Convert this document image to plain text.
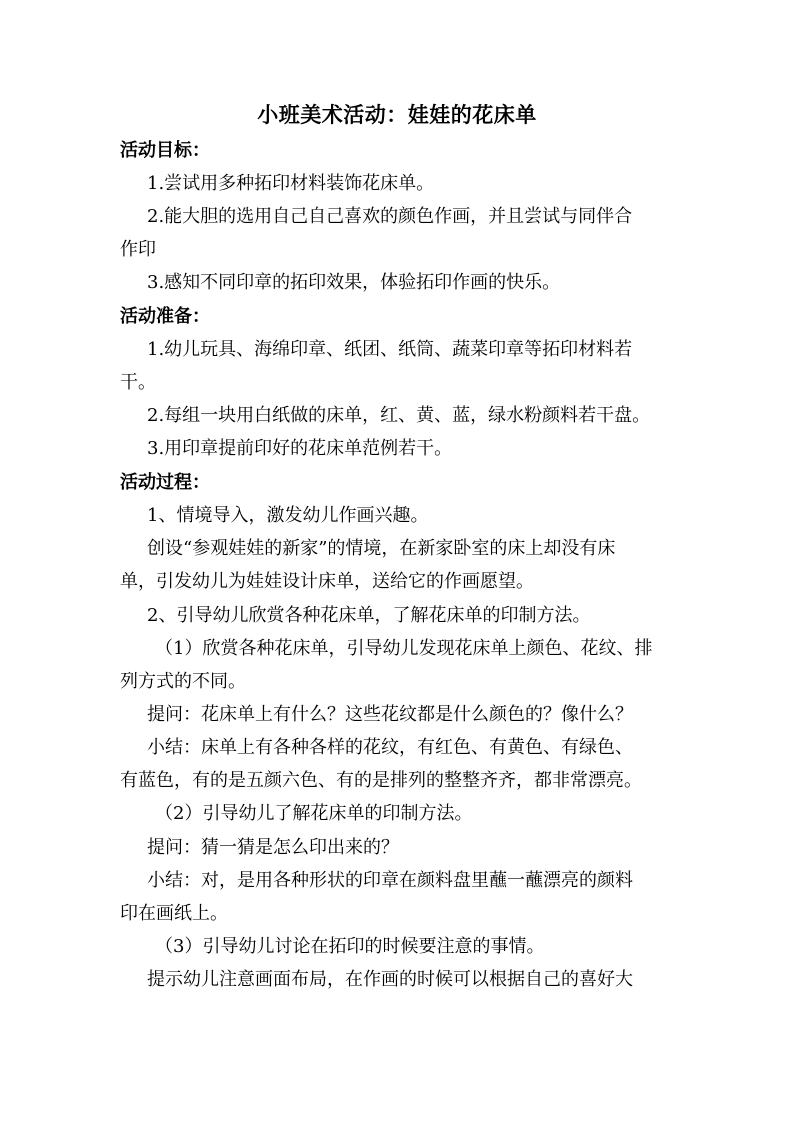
小班美术活动：娃娃的花床单
活动目标：
1.尝试用多种拓印材料装饰花床单。
2.能大胆的选用自己自己喜欢的颜色作画，并且尝试与同伴合
作印
3.感知不同印章的拓印效果，体验拓印作画的快乐。
活动准备：
1.幼儿玩具、海绵印章、纸团、纸筒、蔬菜印章等拓印材料若
干。
2.每组一块用白纸做的床单，红、黄、蓝，绿水粉颜料若干盘。
3.用印章提前印好的花床单范例若干。
活动过程：
1、情境导入，激发幼儿作画兴趣。
创设“参观娃娃的新家”的情境，在新家卧室的床上却没有床
单，引发幼儿为娃娃设计床单，送给它的作画愿望。
2、引导幼儿欣赏各种花床单，了解花床单的印制方法。
（1）欣赏各种花床单，引导幼儿发现花床单上颜色、花纹、排
列方式的不同。
提问：花床单上有什么？这些花纹都是什么颜色的？像什么？
小结：床单上有各种各样的花纹，有红色、有黄色、有绿色、
有蓝色，有的是五颜六色、有的是排列的整整齐齐，都非常漂亮。
（2）引导幼儿了解花床单的印制方法。
提问：猜一猜是怎么印出来的？
小结：对，是用各种形状的印章在颜料盘里蘸一蘸漂亮的颜料
印在画纸上。
（3）引导幼儿讨论在拓印的时候要注意的事情。
提示幼儿注意画面布局，在作画的时候可以根据自己的喜好大
